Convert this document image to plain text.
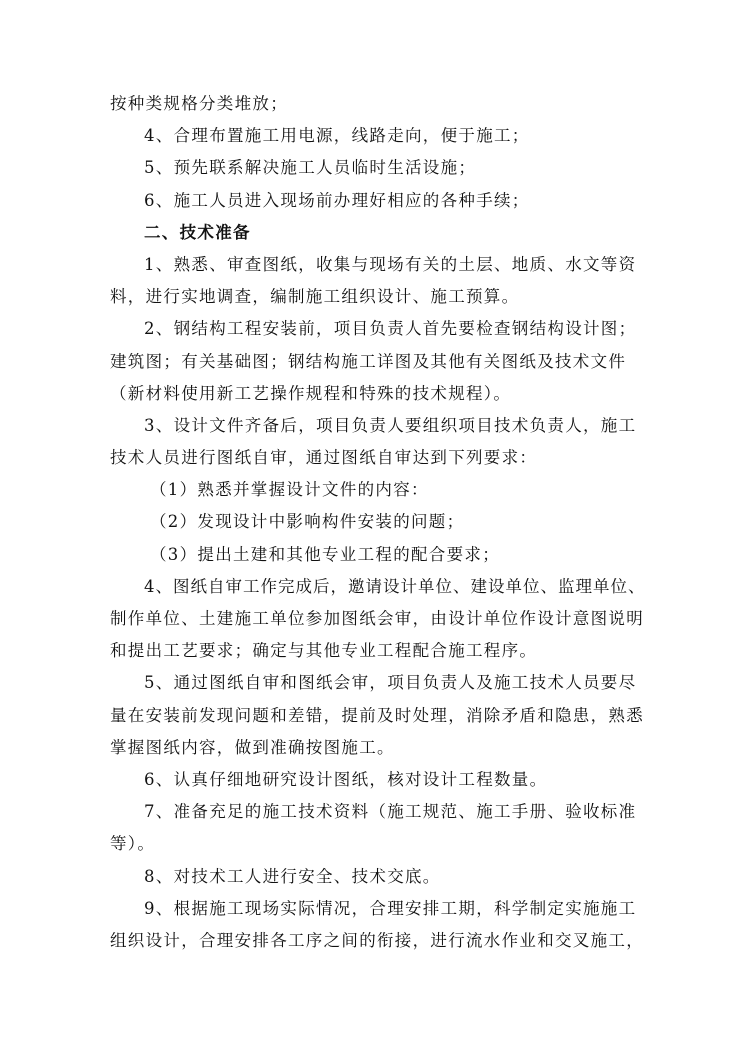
按种类规格分类堆放；
4、合理布置施工用电源，线路走向，便于施工；
5、预先联系解决施工人员临时生活设施；
6、施工人员进入现场前办理好相应的各种手续；
二、技术准备
1、熟悉、审查图纸，收集与现场有关的土层、地质、水文等资
料，进行实地调查，编制施工组织设计、施工预算。
2、钢结构工程安装前，项目负责人首先要检查钢结构设计图；
建筑图；有关基础图；钢结构施工详图及其他有关图纸及技术文件
（新材料使用新工艺操作规程和特殊的技术规程）。
3、设计文件齐备后，项目负责人要组织项目技术负责人，施工
技术人员进行图纸自审，通过图纸自审达到下列要求：
（1）熟悉并掌握设计文件的内容：
（2）发现设计中影响构件安装的问题；
（3）提出土建和其他专业工程的配合要求；
4、图纸自审工作完成后，邀请设计单位、建设单位、监理单位、
制作单位、土建施工单位参加图纸会审，由设计单位作设计意图说明
和提出工艺要求；确定与其他专业工程配合施工程序。
5、通过图纸自审和图纸会审，项目负责人及施工技术人员要尽
量在安装前发现问题和差错，提前及时处理，消除矛盾和隐患，熟悉
掌握图纸内容，做到准确按图施工。
6、认真仔细地研究设计图纸，核对设计工程数量。
7、准备充足的施工技术资料（施工规范、施工手册、验收标准
等）。
8、对技术工人进行安全、技术交底。
9、根据施工现场实际情况，合理安排工期，科学制定实施施工
组织设计，合理安排各工序之间的衔接，进行流水作业和交叉施工，
